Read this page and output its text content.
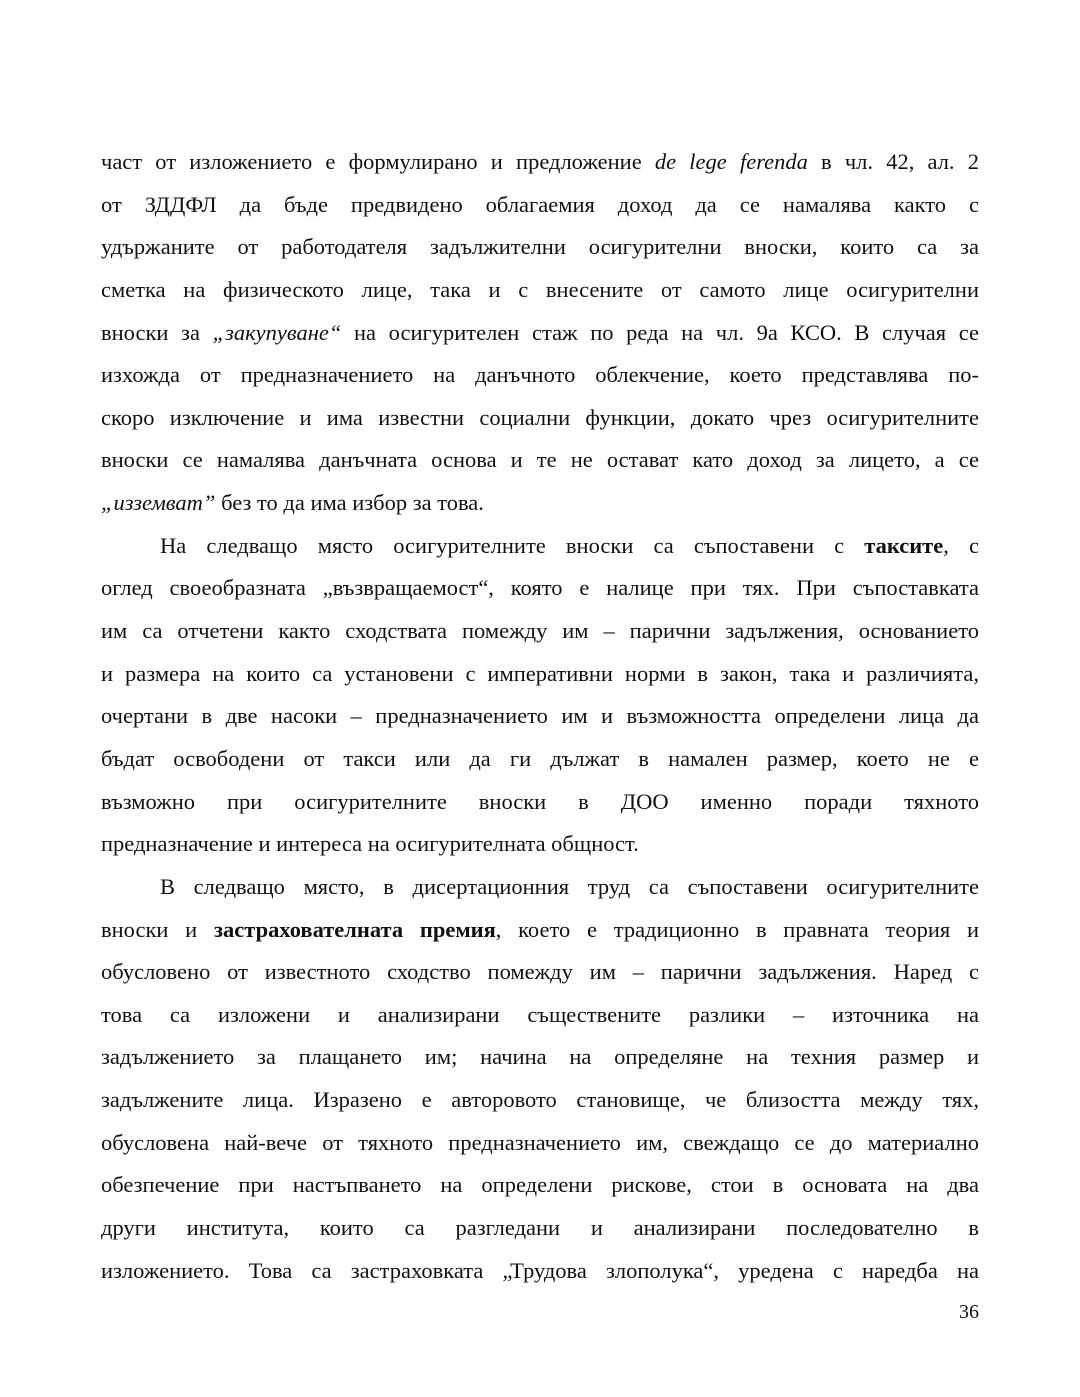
част от изложението е формулирано и предложение de lege ferenda в чл. 42, ал. 2
от ЗДДФЛ да бъде предвидено облагаемия доход да се намалява както с
удържаните от работодателя задължителни осигурителни вноски, които са за
сметка на физическото лице, така и с внесените от самото лице осигурителни
вноски за „закупуване“ на осигурителен стаж по реда на чл. 9а КСО. В случая се
изхожда от предназначението на данъчното облекчение, което представлява по-
скоро изключение и има известни социални функции, докато чрез осигурителните
вноски се намалява данъчната основа и те не остават като доход за лицето, а се
„изземват” без то да има избор за това.
На следващо място осигурителните вноски са съпоставени с таксите, с
оглед своеобразната „възвращаемост“, която е налице при тях. При съпоставката
им са отчетени както сходствата помежду им – парични задължения, основанието
и размера на които са установени с императивни норми в закон, така и различията,
очертани в две насоки – предназначението им и възможността определени лица да
бъдат освободени от такси или да ги дължат в намален размер, което не е
възможно при осигурителните вноски в ДОО именно поради тяхното
предназначение и интереса на осигурителната общност.
В следващо място, в дисертационния труд са съпоставени осигурителните
вноски и застрахователната премия, което е традиционно в правната теория и
обусловено от известното сходство помежду им – парични задължения. Наред с
това са изложени и анализирани съществените разлики – източника на
задължението за плащането им; начина на определяне на техния размер и
задължените лица. Изразено е авторовото становище, че близостта между тях,
обусловена най-вече от тяхното предназначението им, свеждащо се до материално
обезпечение при настъпването на определени рискове, стои в основата на два
други института, които са разгледани и анализирани последователно в
изложението. Това са застраховката „Трудова злополука“, уредена с наредба на
36
